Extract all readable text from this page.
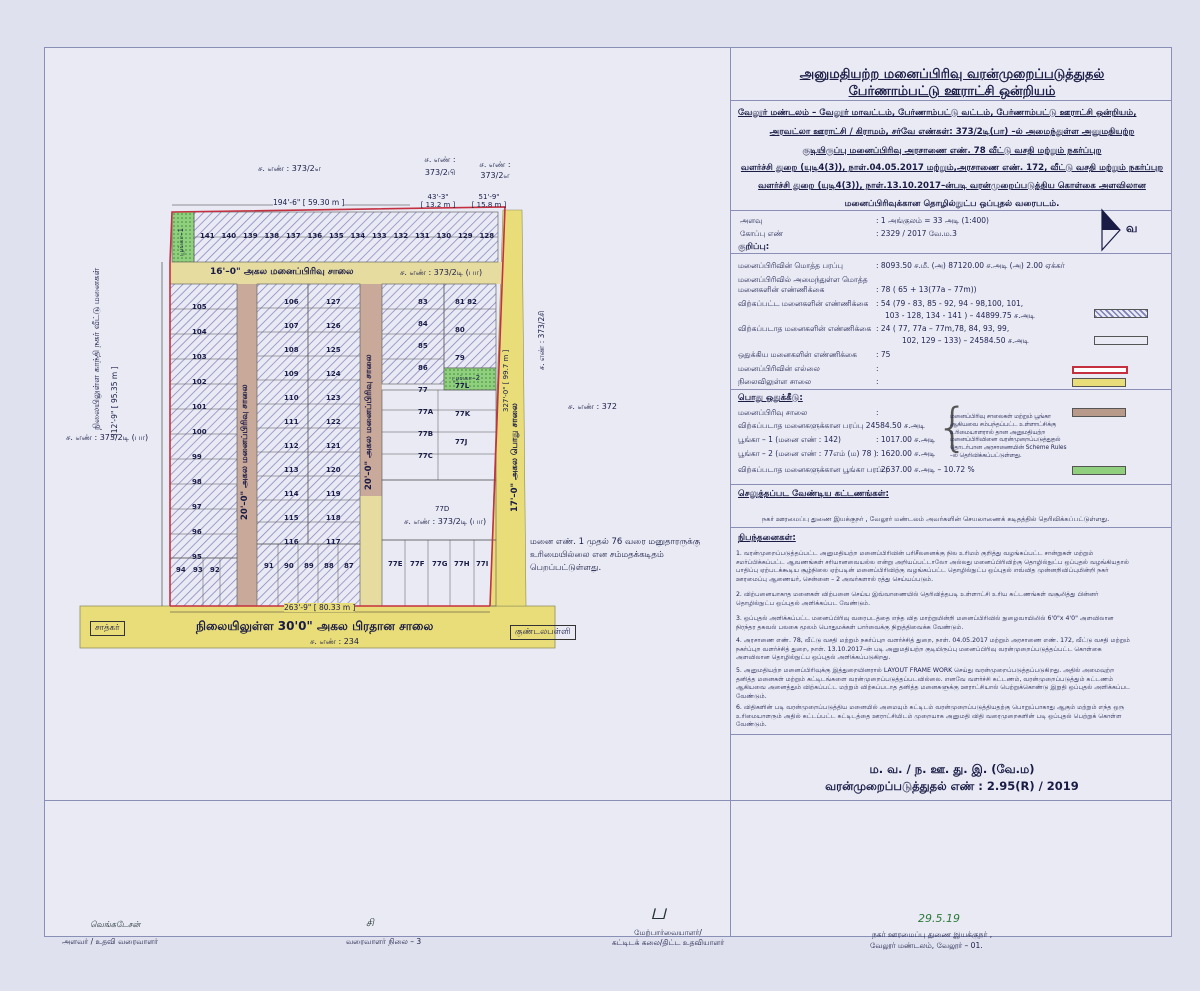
ச. எண் : 373/2எ
ச. எண் :
373/2பி
ச. எண் :
373/2எ
194'-6" [ 59.30 m ]
43'-3"
[ 13.2 m ]
51'-9"
[ 15.8 m ]
312'-9" [ 95.35 m ]	327'-0" [ 99.7 m ]
ச. எண் : 373/2டி (பா)
நிலையிலுள்ள காந்தி நகர் வீட்டு மனைகள்	ச. எண் : 372
ச. எண் : 373/2சி
17'–0" அகல பொது சாலை
16'–0" அகல மனைப்பிரிவு சாலை	ச. எண் : 373/2டி (பா)
20'–0" அகல மனைப்பிரிவு சாலை	20'–0" அகல மனைப்பிரிவு சாலை
ச. எண் : 373/2டி (பா)
பூங்கா–1
பூங்கா–2
77D
263'-9" [ 80.33 m ]
நிலையிலுள்ள 30'0" அகல பிரதான சாலை
சாத்கர்	குண்டலபள்ளி
ச. எண் : 234
மனை எண். 1 முதல் 76 வரை மனுதாரருக்கு
உரிமையில்லை என சம்மதக்கடிதம்
பெறப்பட்டுள்ளது.
141 140 139 138 137 136 135 134 133 132 131 130 129 128
105
104
103
102
101
100
99
98
97
96
95
106
107
108
109
110
111
112
113
114
115
116
127
126
125
124
123
122
121
120
119
118
117
83
84
85
86
77
77A
77B
77C
81 82
80
79
77L
77K
77J
94 93 92	91 90 89 88 87	77E 77F 77G 77H 77I
அனுமதியற்ற மனைப்பிரிவு வரன்முறைப்படுத்துதல்
பேர்ணாம்பட்டு ஊராட்சி ஒன்றியம்
வேலூர் மண்டலம் – வேலூர் மாவட்டம், பேர்ணாம்பட்டு வட்டம், பேர்ணாம்பட்டு ஊராட்சி ஒன்றியம்,
அரவட்லா ஊராட்சி / கிராமம், சர்வே எண்கள்: 373/2டி(பா) –ல் அமைந்துள்ள அனுமதியற்ற
குடியிருப்பு மனைப்பிரிவு அரசாணை எண். 78 வீட்டு வசதி மற்றும் நகர்ப்புற
வளர்ச்சி துறை (யுடி4(3)), நாள்.04.05.2017 மற்றும்,அரசாணை எண். 172, வீட்டு வசதி மற்றும் நகர்ப்புற
வளர்ச்சி துறை (யுடி4(3)), நாள்.13.10.2017–ன்படி வரன்முறைப்படுத்திய கொள்கை அளவிலான
மனைப்பிரிவுக்கான தொழில்நுட்ப ஒப்புதல் வரைபடம்.
அளவு	: 1 அங்குலம் = 33 அடி (1:400)
கோப்பு எண்	: 2329 / 2017 வே.ம.3	வ
குறிப்பு:
மனைப்பிரிவின் மொத்த பரப்பு	: 8093.50 ச.மீ. (அ) 87120.00 ச.அடி (அ) 2.00 ஏக்கர்
மனைப்பிரிவில் அமைந்துள்ள மொத்த
மனைகளின் எண்ணிக்கை	: 78 ( 65 + 13(77a – 77m))
விற்கப்பட்ட மனைகளின் எண்ணிக்கை : 54 (79 - 83, 85 - 92, 94 - 98,100, 101,
103 - 128, 134 - 141 ) – 44899.75 ச.அடி
விற்கப்படாத மனைகளின் எண்ணிக்கை : 24 ( 77, 77a – 77m,78, 84, 93, 99,
102, 129 – 133) – 24584.50 ச.அடி
ஒதுக்கிய மனைகளின் எண்ணிக்கை	: 75
மனைப்பிரிவின் எல்லை	:
நிலைவிலுள்ள சாலை	:
பொது ஒதுக்கீடு:
மனைப்பிரிவு சாலை	:
விற்கப்படாத மனைகளுக்கான பரப்பு 24584.50 ச.அடி
பூங்கா – 1 (மனை எண் : 142)	: 1017.00 ச.அடி
பூங்கா – 2 (மனை எண் : 77எம் (ம) 78 ) : 1620.00 ச.அடி
விற்கப்படாத மனைகளுக்கான பூங்கா பரப்பு
: 2637.00 ச.அடி – 10.72 %
{
மனைப்பிரிவு சாலைகள் மற்றும் பூங்கா ஆகியவை சம்பந்தப்பட்ட உள்ளாட்சிக்கு உரிமையாளரால் தான அனுமதியற்ற மனைப்பிரிவினை வரன்முறைப்படுத்துதல் தொடர்பான அரசாணையின் Scheme Rules –ல் தெரிவிக்கப்பட்டுள்ளது.
செலுத்தப்பட வேண்டிய கட்டணங்கள்:
நகர் ஊரமைப்பு துணை இயக்குநர் , வேலூர் மண்டலம் அவர்களின் செயலாணைக் கடிதத்தில் தெரிவிக்கப்பட்டுள்ளது.
நிபந்தனைகள்:
1. வரன்முறைப்படுத்தப்பட்ட அனுமதியற்ற மனைப்பிரிவின் பரிசீலனைக்கு நில உரிமம் குறித்து வழங்கப்பட்ட சான்றுகள் மற்றும் சமர்ப்பிக்கப்பட்ட ஆவணங்கள் சரியானவையல்ல என்று அறியப்பட்டாலோ அல்லது மனைப்பிரிவிற்கு தொழில்நுட்ப ஒப்புதல் வழங்கியதால் பாதிப்பு ஏற்படக்கூடிய சூழ்நிலை ஏற்படின் மனைப்பிரிவிற்கு வழங்கப்பட்ட தொழில்நுட்ப ஒப்புதல் எவ்வித முன்னறிவிப்புமின்றி நகர் ஊரமைப்பு ஆணையர், சென்னை – 2 அவர்களால் ரத்து செய்யப்படும்.
2. விற்பனையாகாத மனைகள் விற்பனை செய்ய இவ்வாணையில் தெரிவித்தபடி உள்ளாட்சி உரிய கட்டணங்கள் வசூலித்து பின்னர் தொழில்நுட்ப ஒப்புதல் அளிக்கப்பட வேண்டும்.
3. ஒப்புதல் அளிக்கப்பட்ட மனைப்பிரிவு வரைபடத்தை எந்த வித மாற்றுமின்றி மனைப்பிரிவில் நுழைவாயிலில் 6'0"x 4'0" அளவிலான நிரந்தர தகவல் பலகை மூலம் பொதுமக்கள் பார்வைக்கு நிறுத்திவைக்க வேண்டும்.
4. அரசாணை எண். 78, வீட்டு வசதி மற்றும் நகர்ப்புற வளர்ச்சித் துறை, நாள். 04.05.2017 மற்றும் அரசாணை எண். 172, வீட்டு வசதி மற்றும் நகர்ப்புற வளர்ச்சித் துறை, நாள். 13.10.2017–ன் படி அனுமதியற்ற குடியிருப்பு மனைப்பிரிவு வரன்முறைப்படுத்தப்பட்ட கொள்கை அளவிலான தொழில்நுட்ப ஒப்புதல் அளிக்கப்படுகிறது.
5. அனுமதியற்ற மனைப்பிரிவுக்கு இத்துறையினரால் LAYOUT FRAME WORK செய்து வரன்முறைப்படுத்தப்படுகிறது. அதில் அமைவுற்ற தனித்த மனைகள் மற்றும் கட்டிடங்களை வரன்முறைப்படுத்தப்படவில்லை. எனவே வளர்ச்சி கட்டணம், வரன்முறைப்படுத்தும் கட்டணம் ஆகியவை அனைத்தும் விற்கப்பட்ட மற்றும் விற்கப்படாத தனித்த மனைகளுக்கு ஊராட்சியால் பெற்றுக்கொண்டு இறுதி ஒப்புதல் அளிக்கப்பட வேண்டும்.
6. விதிகளின் படி வரன்முறைப்படுத்திய மனையில் அமையும் கட்டிடம் வரன்முறைப்படுத்தியதற்கு பொறுப்பாகாது ஆகும் மற்றும் எந்த ஒரு உரிமையாளரும் அதில் கட்டப்பட்ட கட்டிடத்தை ஊராட்சியிடம் முறையாக அனுமதி விதி வரைமுறைகளின் படி ஒப்புதல் பெற்றுக் கொள்ள வேண்டும்.
ம. வ. / ந. ஊ. து. இ. (வே.ம)
வரன்முறைப்படுத்துதல் எண் : 2.95(R) / 2019
வெங்கடேசன்
அளவர் / உதவி வரைவாளர்
சி
வரைவாளர் நிலை – 3
ப
மேற்பார்வையாளர்/
கட்டிடக் கலை/திட்ட உதவியாளர்
29.5.19
நகர் ஊரமைப்பு துணை இயக்குநர் ,
வேலூர் மண்டலம், வேலூர் – 01.
